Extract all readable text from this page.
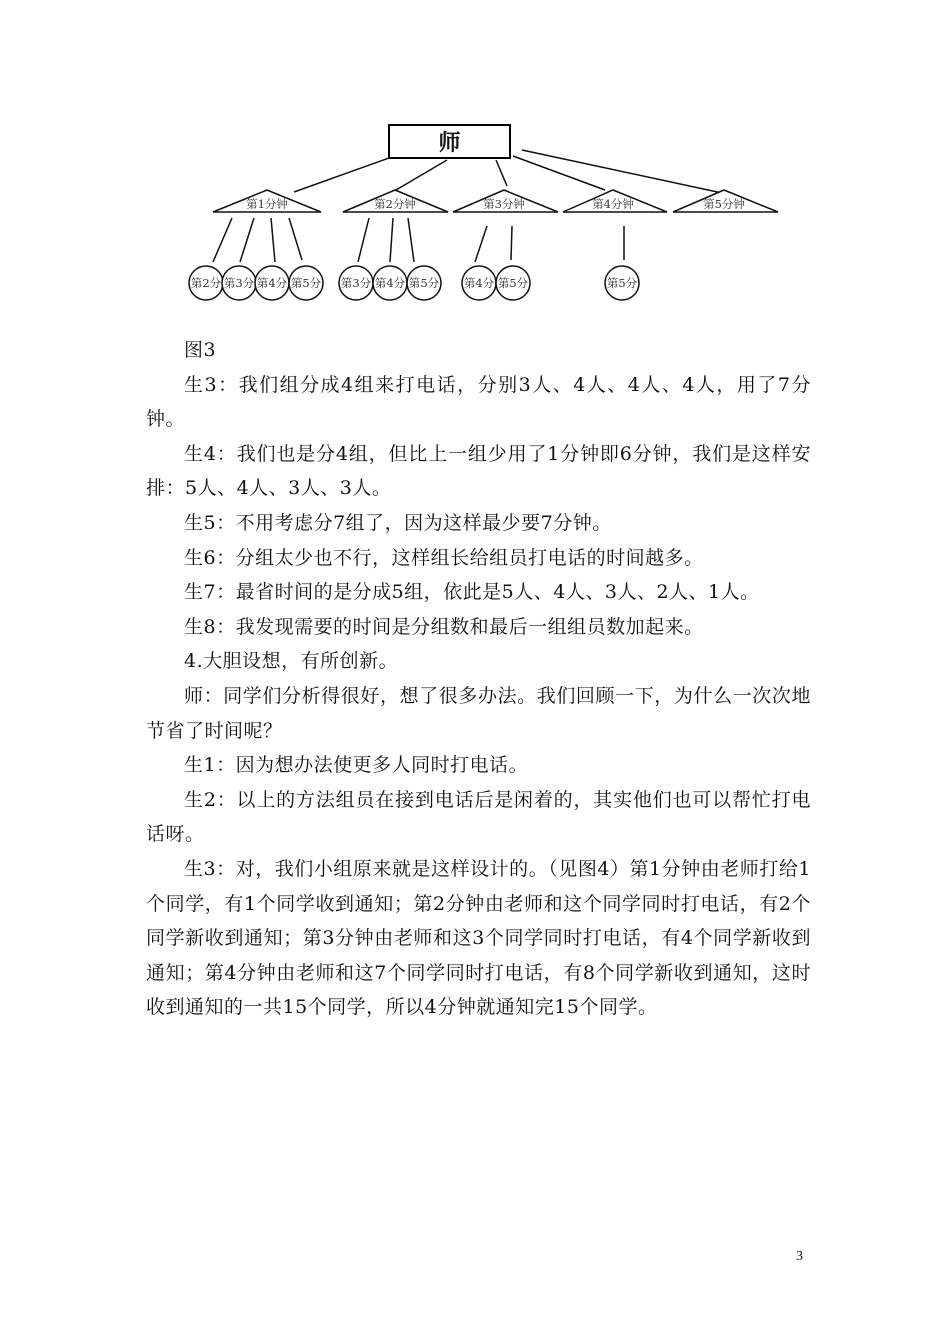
师
第1分钟	第2分钟	第3分钟	第4分钟	第5分钟
第2分 第3分 第4分 第5分 第3分 第4分 第5分 第4分 第5分	第5分

图3

生3：我们组分成4组来打电话，分别3人、4人、4人、4人，用了7分钟。

生4：我们也是分4组，但比上一组少用了1分钟即6分钟，我们是这样安排：5人、4人、3人、3人。

生5：不用考虑分7组了，因为这样最少要7分钟。

生6：分组太少也不行，这样组长给组员打电话的时间越多。

生7：最省时间的是分成5组，依此是5人、4人、3人、2人、1人。

生8：我发现需要的时间是分组数和最后一组组员数加起来。

4.大胆设想，有所创新。

师：同学们分析得很好，想了很多办法。我们回顾一下，为什么一次次地节省了时间呢？

生1：因为想办法使更多人同时打电话。

生2：以上的方法组员在接到电话后是闲着的，其实他们也可以帮忙打电话呀。

生3：对，我们小组原来就是这样设计的。（见图4）第1分钟由老师打给1个同学，有1个同学收到通知；第2分钟由老师和这个同学同时打电话，有2个同学新收到通知；第3分钟由老师和这3个同学同时打电话，有4个同学新收到通知；第4分钟由老师和这7个同学同时打电话，有8个同学新收到通知，这时收到通知的一共15个同学，所以4分钟就通知完15个同学。

3
